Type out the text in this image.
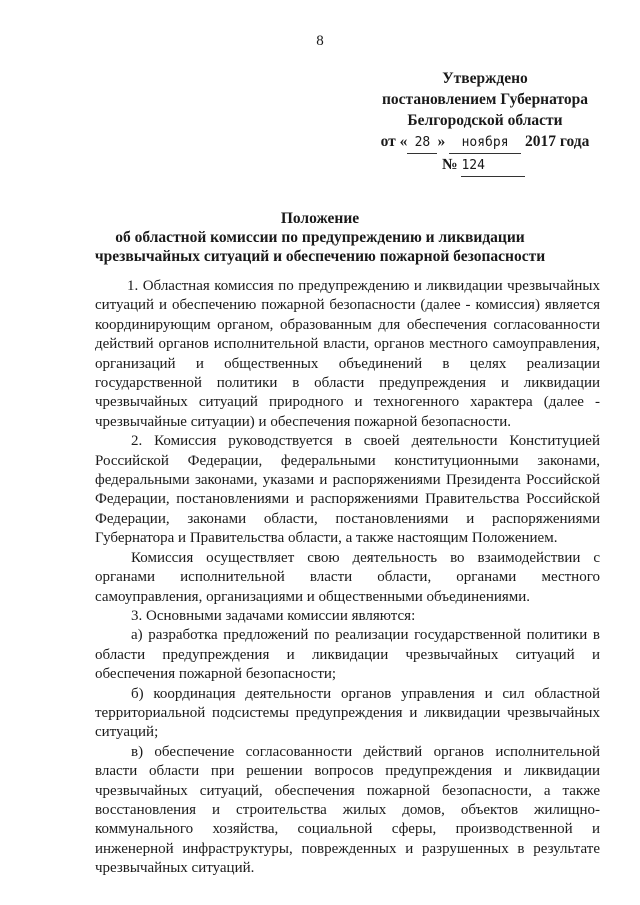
8
Утверждено
постановлением Губернатора
Белгородской области
от « 28 » ноября 2017 года
№ 124
Положение
об областной комиссии по предупреждению и ликвидации
чрезвычайных ситуаций и обеспечению пожарной безопасности

1. Областная комиссия по предупреждению и ликвидации чрезвычайных ситуаций и обеспечению пожарной безопасности (далее - комиссия) является координирующим органом, образованным для обеспечения согласованности действий органов исполнительной власти, органов местного самоуправления, организаций и общественных объединений в целях реализации государственной политики в области предупреждения и ликвидации чрезвычайных ситуаций природного и техногенного характера (далее - чрезвычайные ситуации) и обеспечения пожарной безопасности.

2. Комиссия руководствуется в своей деятельности Конституцией Российской Федерации, федеральными конституционными законами, федеральными законами, указами и распоряжениями Президента Российской Федерации, постановлениями и распоряжениями Правительства Российской Федерации, законами области, постановлениями и распоряжениями Губернатора и Правительства области, а также настоящим Положением.

Комиссия осуществляет свою деятельность во взаимодействии с органами исполнительной власти области, органами местного самоуправления, организациями и общественными объединениями.

3. Основными задачами комиссии являются:

а) разработка предложений по реализации государственной политики в области предупреждения и ликвидации чрезвычайных ситуаций и обеспечения пожарной безопасности;

б) координация деятельности органов управления и сил областной территориальной подсистемы предупреждения и ликвидации чрезвычайных ситуаций;

в) обеспечение согласованности действий органов исполнительной власти области при решении вопросов предупреждения и ликвидации чрезвычайных ситуаций, обеспечения пожарной безопасности, а также восстановления и строительства жилых домов, объектов жилищно-коммунального хозяйства, социальной сферы, производственной и инженерной инфраструктуры, поврежденных и разрушенных в результате чрезвычайных ситуаций.
